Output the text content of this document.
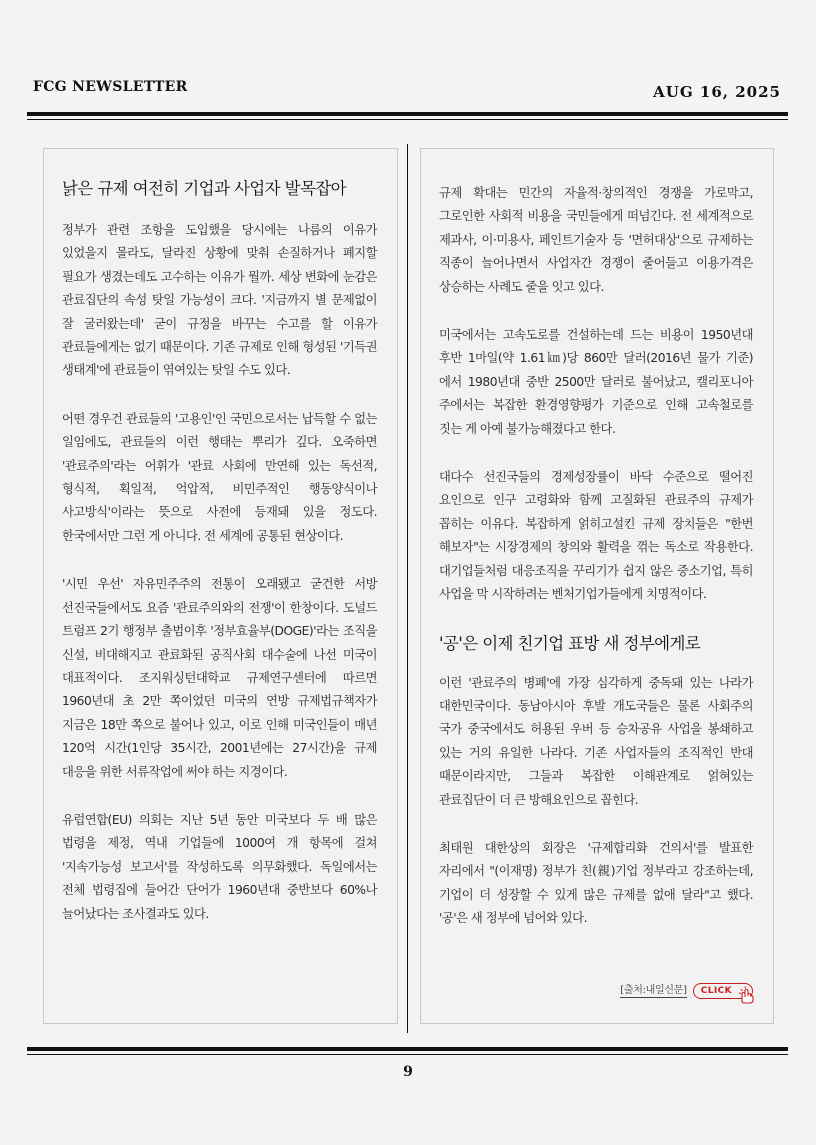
FCG NEWSLETTER	AUG 16, 2025
낡은 규제 여전히 기업과 사업자 발목잡아

정부가 관련 조항을 도입했을 당시에는 나름의 이유가 있었을지 몰라도, 달라진 상황에 맞춰 손질하거나 폐지할 필요가 생겼는데도 고수하는 이유가 뭘까. 세상 변화에 눈감은 관료집단의 속성 탓일 가능성이 크다. '지금까지 별 문제없이 잘 굴러왔는데' 굳이 규정을 바꾸는 수고를 할 이유가 관료들에게는 없기 때문이다. 기존 규제로 인해 형성된 '기득권 생태계'에 관료들이 엮여있는 탓일 수도 있다.

어떤 경우건 관료들의 '고용인'인 국민으로서는 납득할 수 없는 일임에도, 관료들의 이런 행태는 뿌리가 깊다. 오죽하면 '관료주의'라는 어휘가 '관료 사회에 만연해 있는 독선적, 형식적, 획일적, 억압적, 비민주적인 행동양식이나 사고방식'이라는 뜻으로 사전에 등재돼 있을 정도다. 한국에서만 그런 게 아니다. 전 세계에 공통된 현상이다.

'시민 우선' 자유민주주의 전통이 오래됐고 굳건한 서방 선진국들에서도 요즘 '관료주의와의 전쟁'이 한창이다. 도널드 트럼프 2기 행정부 출범이후 '정부효율부(DOGE)'라는 조직을 신설, 비대해지고 관료화된 공직사회 대수술에 나선 미국이 대표적이다. 조지워싱턴대학교 규제연구센터에 따르면 1960년대 초 2만 쪽이었던 미국의 연방 규제법규책자가 지금은 18만 쪽으로 불어나 있고, 이로 인해 미국인들이 매년 120억 시간(1인당 35시간, 2001년에는 27시간)을 규제 대응을 위한 서류작업에 써야 하는 지경이다.

유럽연합(EU) 의회는 지난 5년 동안 미국보다 두 배 많은 법령을 제정, 역내 기업들에 1000여 개 항목에 걸쳐 '지속가능성 보고서'를 작성하도록 의무화했다. 독일에서는 전체 법령집에 들어간 단어가 1960년대 중반보다 60%나 늘어났다는 조사결과도 있다.

규제 확대는 민간의 자율적·창의적인 경쟁을 가로막고, 그로인한 사회적 비용을 국민들에게 떠넘긴다. 전 세계적으로 제과사, 이·미용사, 페인트기술자 등 '면허대상'으로 규제하는 직종이 늘어나면서 사업자간 경쟁이 줄어들고 이용가격은 상승하는 사례도 줄을 잇고 있다.

미국에서는 고속도로를 건설하는데 드는 비용이 1950년대 후반 1마일(약 1.61㎞)당 860만 달러(2016년 물가 기준)에서 1980년대 중반 2500만 달러로 불어났고, 캘리포니아 주에서는 복잡한 환경영향평가 기준으로 인해 고속철로를 짓는 게 아예 불가능해졌다고 한다.

대다수 선진국들의 경제성장률이 바닥 수준으로 떨어진 요인으로 인구 고령화와 함께 고질화된 관료주의 규제가 꼽히는 이유다. 복잡하게 얽히고설킨 규제 장치들은 "한번 해보자"는 시장경제의 창의와 활력을 꺾는 독소로 작용한다. 대기업들처럼 대응조직을 꾸리기가 쉽지 않은 중소기업, 특히 사업을 막 시작하려는 벤처기업가들에게 치명적이다.

'공'은 이제 친기업 표방 새 정부에게로

이런 '관료주의 병폐'에 가장 심각하게 중독돼 있는 나라가 대한민국이다. 동남아시아 후발 개도국들은 물론 사회주의 국가 중국에서도 허용된 우버 등 승차공유 사업을 봉쇄하고 있는 거의 유일한 나라다. 기존 사업자들의 조직적인 반대 때문이라지만, 그들과 복잡한 이해관계로 얽혀있는 관료집단이 더 큰 방해요인으로 꼽힌다.

최태원 대한상의 회장은 '규제합리화 건의서'를 발표한 자리에서 "(이재명) 정부가 친(親)기업 정부라고 강조하는데, 기업이 더 성장할 수 있게 많은 규제를 없애 달라"고 했다. '공'은 새 정부에 넘어와 있다.

[출처:내일신문]	CLICK
9
